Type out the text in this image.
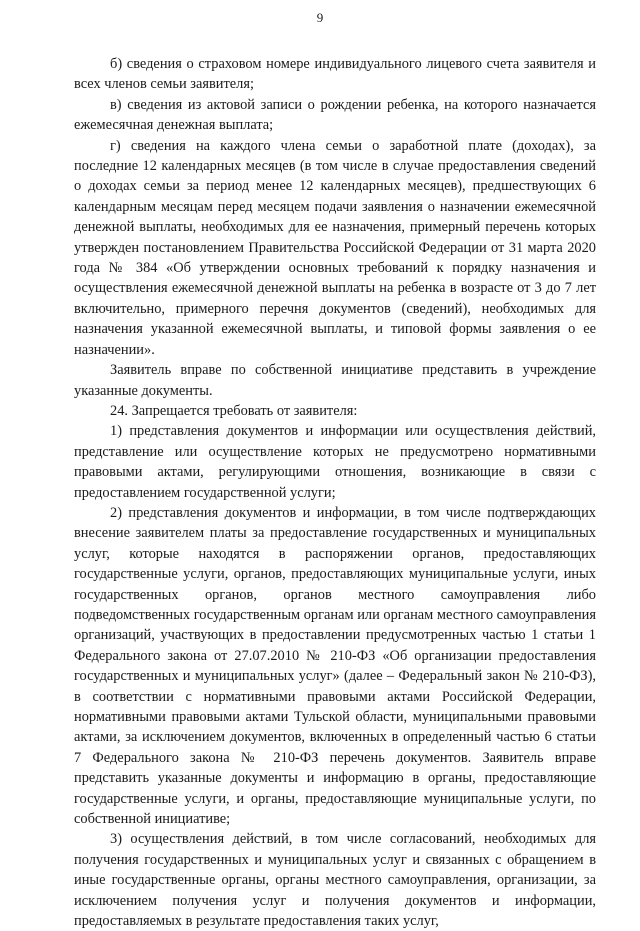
9

б) сведения о страховом номере индивидуального лицевого счета заявителя и всех членов семьи заявителя;

в) сведения из актовой записи о рождении ребенка, на которого назначается ежемесячная денежная выплата;

г) сведения на каждого члена семьи о заработной плате (доходах), за последние 12 календарных месяцев (в том числе в случае предоставления сведений о доходах семьи за период менее 12 календарных месяцев), предшествующих 6 календарным месяцам перед месяцем подачи заявления о назначении ежемесячной денежной выплаты, необходимых для ее назначения, примерный перечень которых утвержден постановлением Правительства Российской Федерации от 31 марта 2020 года № 384 «Об утверждении основных требований к порядку назначения и осуществления ежемесячной денежной выплаты на ребенка в возрасте от 3 до 7 лет включительно, примерного перечня документов (сведений), необходимых для назначения указанной ежемесячной выплаты, и типовой формы заявления о ее назначении».

Заявитель вправе по собственной инициативе представить в учреждение указанные документы.

24. Запрещается требовать от заявителя:

1) представления документов и информации или осуществления действий, представление или осуществление которых не предусмотрено нормативными правовыми актами, регулирующими отношения, возникающие в связи с предоставлением государственной услуги;

2) представления документов и информации, в том числе подтверждающих внесение заявителем платы за предоставление государственных и муниципальных услуг, которые находятся в распоряжении органов, предоставляющих государственные услуги, органов, предоставляющих муниципальные услуги, иных государственных органов, органов местного самоуправления либо подведомственных государственным органам или органам местного самоуправления организаций, участвующих в предоставлении предусмотренных частью 1 статьи 1 Федерального закона от 27.07.2010 № 210-ФЗ «Об организации предоставления государственных и муниципальных услуг» (далее – Федеральный закон № 210-ФЗ), в соответствии с нормативными правовыми актами Российской Федерации, нормативными правовыми актами Тульской области, муниципальными правовыми актами, за исключением документов, включенных в определенный частью 6 статьи 7 Федерального закона № 210-ФЗ перечень документов. Заявитель вправе представить указанные документы и информацию в органы, предоставляющие государственные услуги, и органы, предоставляющие муниципальные услуги, по собственной инициативе;

3) осуществления действий, в том числе согласований, необходимых для получения государственных и муниципальных услуг и связанных с обращением в иные государственные органы, органы местного самоуправления, организации, за исключением получения услуг и получения документов и информации, предоставляемых в результате предоставления таких услуг,
